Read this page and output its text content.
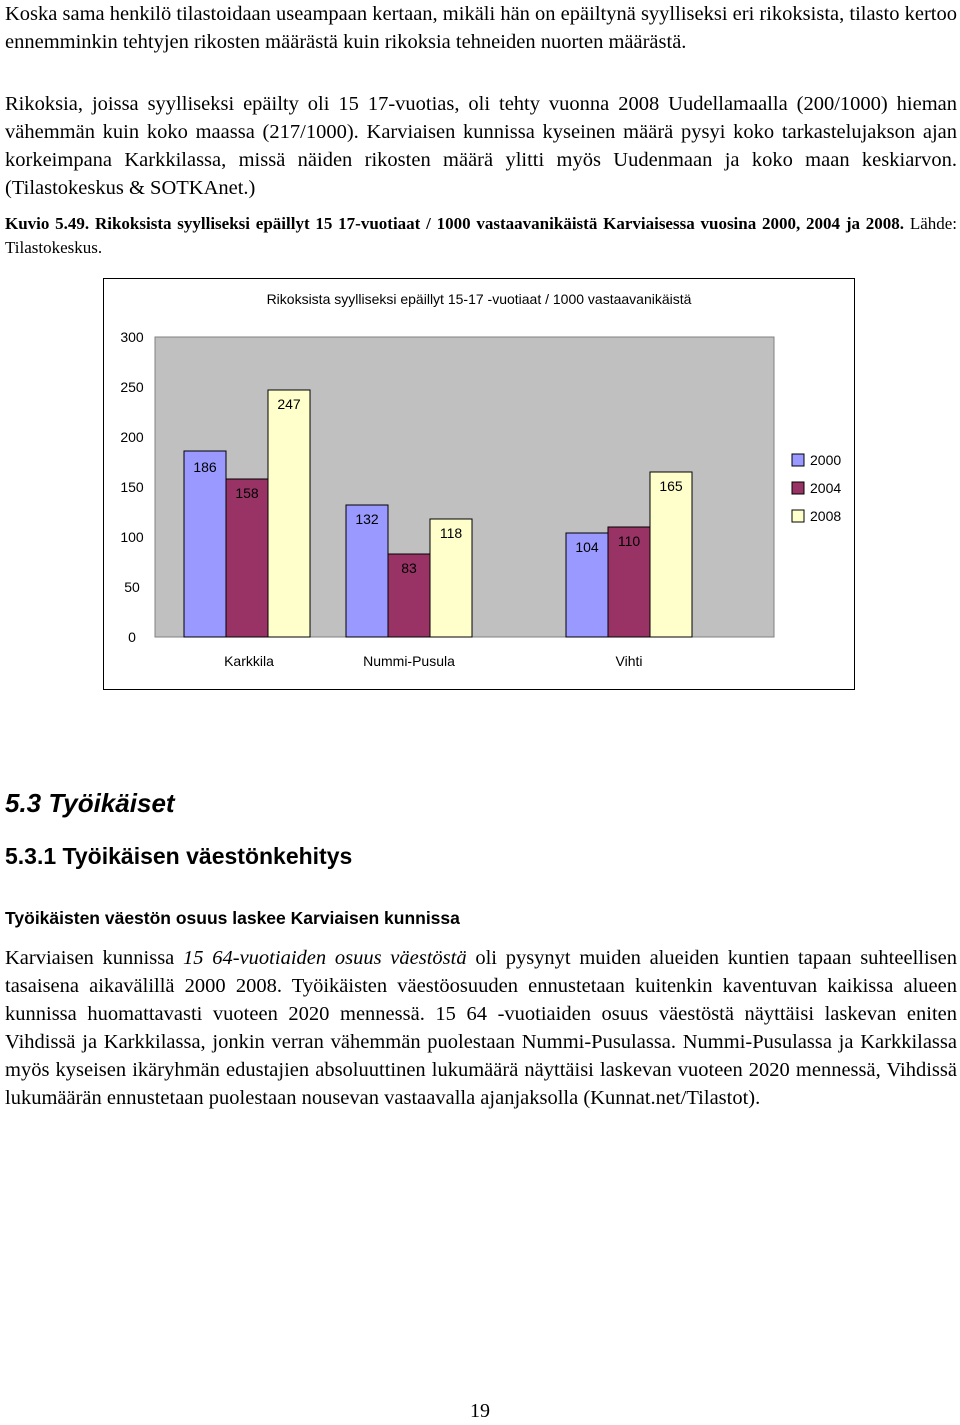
Koska sama henkilö tilastoidaan useampaan kertaan, mikäli hän on epäiltynä syylliseksi eri rikoksista, tilasto kertoo ennemminkin tehtyjen rikosten määrästä kuin rikoksia tehneiden nuorten määrästä.

Rikoksia, joissa syylliseksi epäilty oli 15 17-vuotias, oli tehty vuonna 2008 Uudellamaalla (200/1000) hieman vähemmän kuin koko maassa (217/1000). Karviaisen kunnissa kyseinen määrä pysyi koko tarkastelujakson ajan korkeimpana Karkkilassa, missä näiden rikosten määrä ylitti myös Uudenmaan ja koko maan keskiarvon. (Tilastokeskus & SOTKAnet.)

Kuvio 5.49. Rikoksista syylliseksi epäillyt 15 17-vuotiaat / 1000 vastaavanikäistä Karviaisessa vuosina 2000, 2004 ja 2008. Lähde: Tilastokeskus.

Rikoksista syylliseksi epäillyt 15-17 -vuotiaat / 1000 vastaavanikäistä
0
50
100
150
200
250
300
186
158
247
Karkkila
132
83
118
Nummi-Pusula
104 110
165
Vihti
2000
2004
2008
5.3 Työikäiset
5.3.1 Työikäisen väestönkehitys
Työikäisten väestön osuus laskee Karviaisen kunnissa

Karviaisen kunnissa 15 64-vuotiaiden osuus väestöstä oli pysynyt muiden alueiden kuntien tapaan suhteellisen tasaisena aikavälillä 2000 2008. Työikäisten väestöosuuden ennustetaan kuitenkin kaventuvan kaikissa alueen kunnissa huomattavasti vuoteen 2020 mennessä. 15 64 -vuotiaiden osuus väestöstä näyttäisi laskevan eniten Vihdissä ja Karkkilassa, jonkin verran vähemmän puolestaan Nummi-Pusulassa. Nummi-Pusulassa ja Karkkilassa myös kyseisen ikäryhmän edustajien absoluuttinen lukumäärä näyttäisi laskevan vuoteen 2020 mennessä, Vihdissä lukumäärän ennustetaan puolestaan nousevan vastaavalla ajanjaksolla (Kunnat.net/Tilastot).

19
